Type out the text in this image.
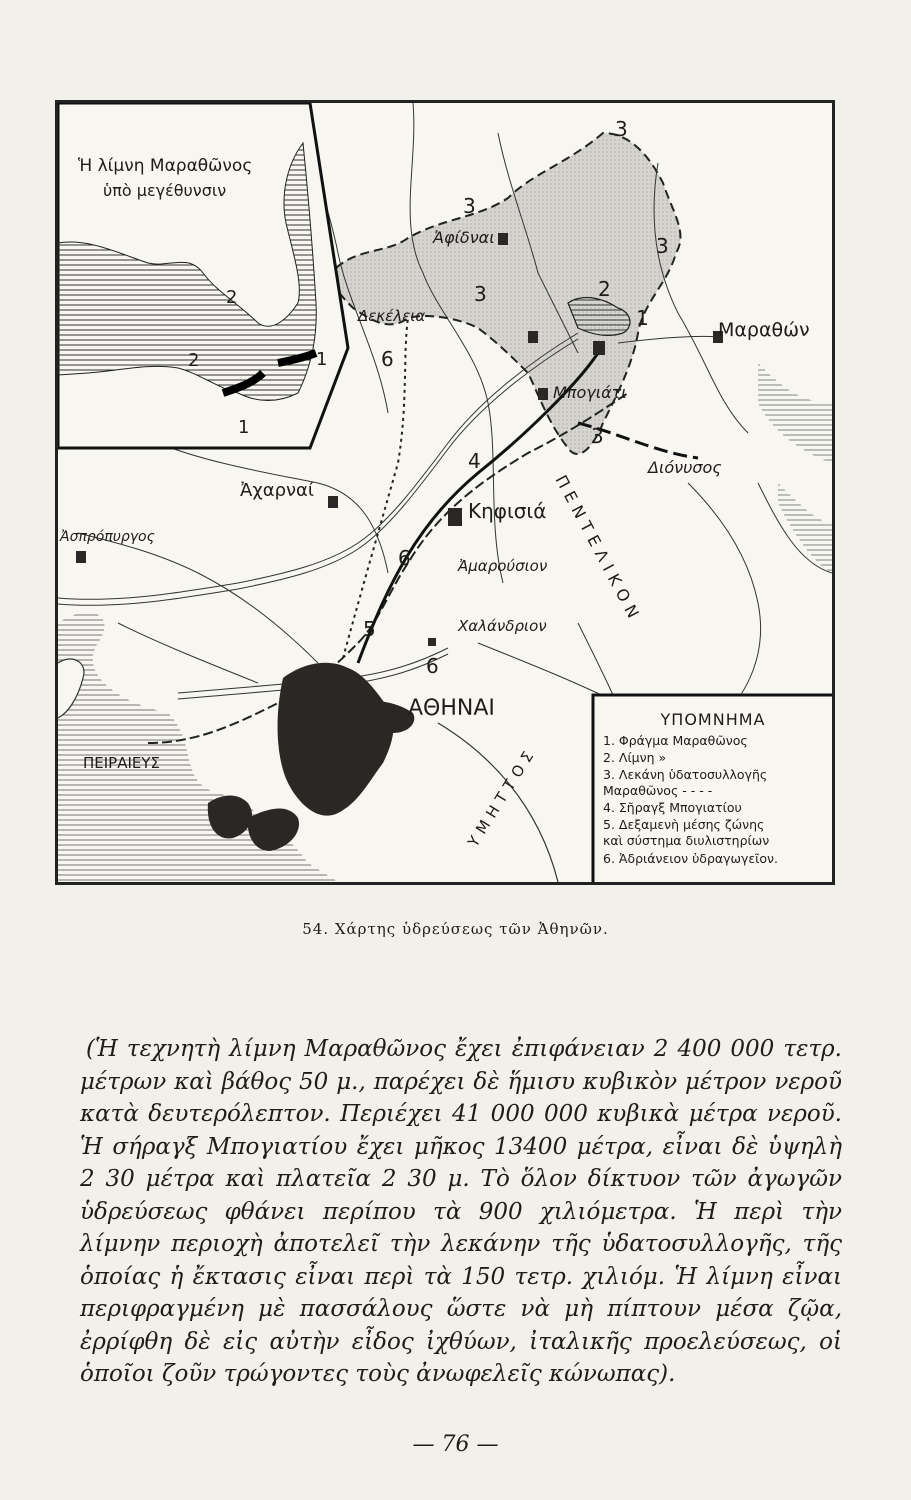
Ἡ λίμνη Μαραθῶνος
ὑπὸ μεγέθυνσιν
1
1
2
2
Ἀφίδναι
Δεκέλεια
Μαραθών
Μπογιάτι
Διόνυσος
Ἀχαρναί
Κηφισιά
Ἀσπρόπυργος
Ἀμαρούσιον
Χαλάνδριον
ΑΘΗΝΑΙ
ΠΕΙΡΑΙΕΥΣ	ΥΜΗΤΤΟΣ
ΠΕΝΤΕΛΙΚΟΝ
1
2
3
3
3
3
3
4
5
6
6
6
ΥΠΟΜΝΗΜΑ
1. Φράγμα Μαραθῶνος
2. Λίμνη »
3. Λεκάνη ὑδατοσυλλογῆς
Μαραθῶνος - - - -
4. Σῆραγξ Μπογιατίου
5. Δεξαμενὴ μέσης ζώνης
καὶ σύστημα διυλιστηρίων
6. Ἀδριάνειον ὑδραγωγεῖον.
54. Χάρτης ὑδρεύσεως τῶν Ἀθηνῶν.

(Ἡ τεχνητὴ λίμνη Μαραθῶνος ἔχει ἐπιφάνειαν 2 400 000 τετρ. μέτρων καὶ βάθος 50 μ., παρέχει δὲ ἥμισυ κυβικὸν μέτρον νεροῦ κατὰ δευτερόλεπτον. Περιέχει 41 000 000 κυβικὰ μέτρα νεροῦ. Ἡ σήραγξ Μπογιατίου ἔχει μῆκος 13400 μέτρα, εἶναι δὲ ὑψηλὴ 2 30 μέτρα καὶ πλατεῖα 2 30 μ. Τὸ ὅλον δίκτυον τῶν ἀγωγῶν ὑδρεύσεως φθάνει περίπου τὰ 900 χιλιόμετρα. Ἡ περὶ τὴν λίμνην περιοχὴ ἀποτελεῖ τὴν λεκάνην τῆς ὑδατοσυλλογῆς, τῆς ὁποίας ἡ ἔκτασις εἶναι περὶ τὰ 150 τετρ. χιλιόμ. Ἡ λίμνη εἶναι περιφραγμένη μὲ πασσάλους ὥστε νὰ μὴ πίπτουν μέσα ζῷα, ἐρρίφθη δὲ εἰς αὐτὴν εἶδος ἰχθύων, ἰταλικῆς προελεύσεως, οἱ ὁποῖοι ζοῦν τρώγοντες τοὺς ἀνωφελεῖς κώνωπας).

— 76 —
